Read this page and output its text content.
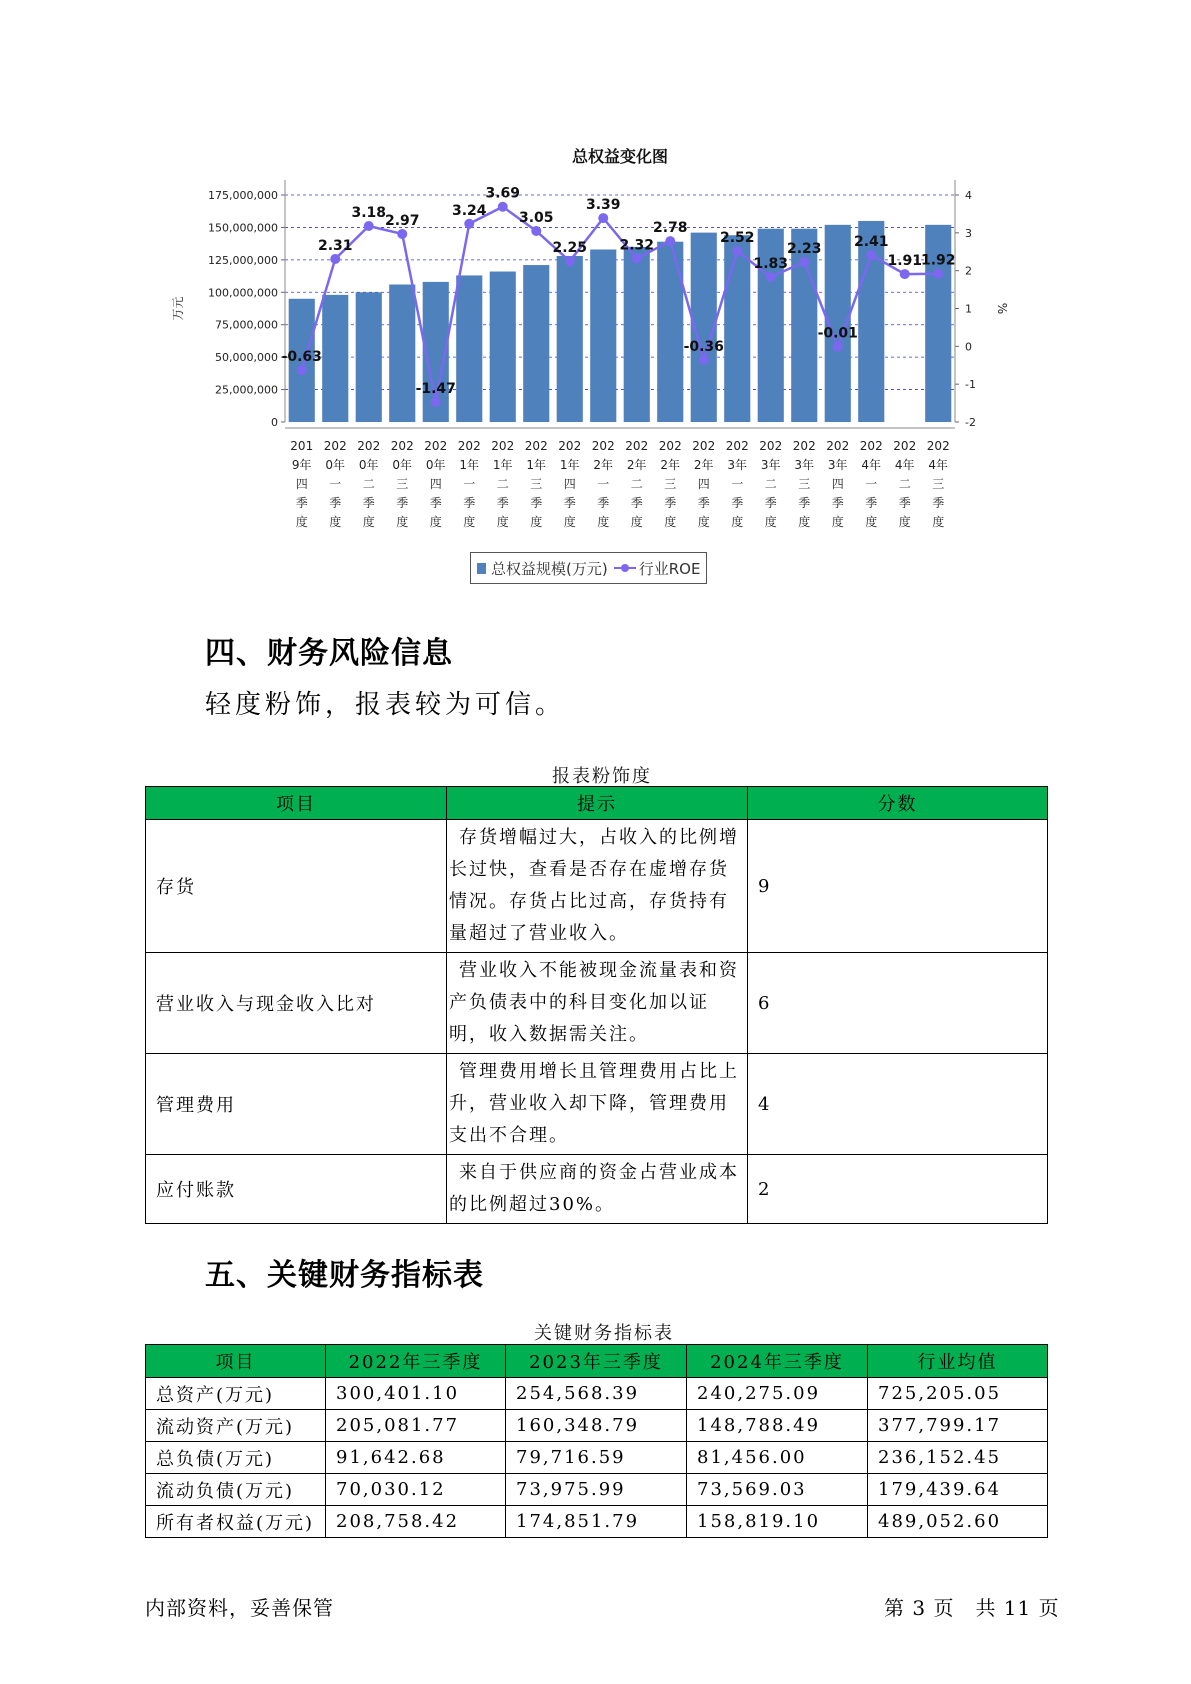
总权益变化图
0
25,000,000
50,000,000
75,000,000
100,000,000
125,000,000
150,000,000
175,000,000
-2
-1
0
1
2
3
4
万元	%
-0.63
2.31
3.18
2.97
-1.47
3.24
3.69
3.05
2.25
3.39
2.32
2.78
-0.36
2.52
1.83
2.23
-0.01
2.41
1.91
1.92
201 9年四季度
202 0年一季度
202 0年二季度
202 0年三季度
202 0年四季度
202 1年一季度
202 1年二季度
202 1年三季度
202 1年四季度
202 2年一季度
202 2年二季度
202 2年三季度
202 2年四季度
202 3年一季度
202 3年二季度
202 3年三季度
202 3年四季度
202 4年一季度
202 4年二季度
202 4年三季度
总权益规模(万元) 行业ROE
四、财务风险信息
轻度粉饰，报表较为可信。
报表粉饰度
项目	提示	分数
存货	存货增幅过大，占收入的比例增长过快，查看是否存在虚增存货情况。存货占比过高，存货持有量超过了营业收入。	9
营业收入与现金收入比对	营业收入不能被现金流量表和资产负债表中的科目变化加以证明，收入数据需关注。	6
管理费用	管理费用增长且管理费用占比上升，营业收入却下降，管理费用支出不合理。	4
应付账款	来自于供应商的资金占营业成本的比例超过30%。	2
五、关键财务指标表
关键财务指标表
项目	2022年三季度	2023年三季度	2024年三季度	行业均值
总资产(万元)	300,401.10	254,568.39	240,275.09	725,205.05
流动资产(万元)	205,081.77	160,348.79	148,788.49	377,799.17
总负债(万元)	91,642.68	79,716.59	81,456.00	236,152.45
流动负债(万元)	70,030.12	73,975.99	73,569.03	179,439.64
所有者权益(万元)	208,758.42	174,851.79	158,819.10	489,052.60
内部资料，妥善保管	第 3 页　共 11 页
